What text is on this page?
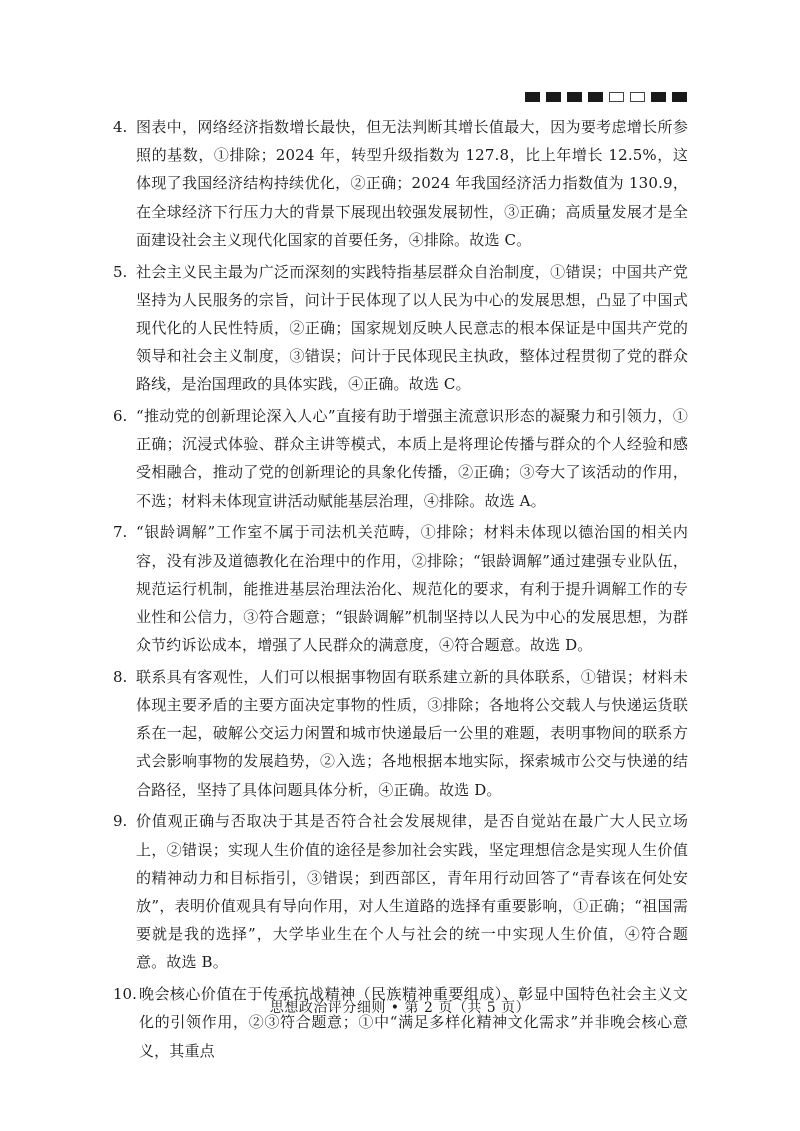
4. 图表中，网络经济指数增长最快，但无法判断其增长值最大，因为要考虑增长所参照的基数，①排除；2024 年，转型升级指数为 127.8，比上年增长 12.5%，这体现了我国经济结构持续优化，②正确；2024 年我国经济活力指数值为 130.9，在全球经济下行压力大的背景下展现出较强发展韧性，③正确；高质量发展才是全面建设社会主义现代化国家的首要任务，④排除。故选 C。
5. 社会主义民主最为广泛而深刻的实践特指基层群众自治制度，①错误；中国共产党坚持为人民服务的宗旨，问计于民体现了以人民为中心的发展思想，凸显了中国式现代化的人民性特质，②正确；国家规划反映人民意志的根本保证是中国共产党的领导和社会主义制度，③错误；问计于民体现民主执政，整体过程贯彻了党的群众路线，是治国理政的具体实践，④正确。故选 C。
6. “推动党的创新理论深入人心”直接有助于增强主流意识形态的凝聚力和引领力，①正确；沉浸式体验、群众主讲等模式，本质上是将理论传播与群众的个人经验和感受相融合，推动了党的创新理论的具象化传播，②正确；③夸大了该活动的作用，不选；材料未体现宣讲活动赋能基层治理，④排除。故选 A。
7. “银龄调解”工作室不属于司法机关范畴，①排除；材料未体现以德治国的相关内容，没有涉及道德教化在治理中的作用，②排除；“银龄调解”通过建强专业队伍，规范运行机制，能推进基层治理法治化、规范化的要求，有利于提升调解工作的专业性和公信力，③符合题意；“银龄调解”机制坚持以人民为中心的发展思想，为群众节约诉讼成本，增强了人民群众的满意度，④符合题意。故选 D。
8. 联系具有客观性，人们可以根据事物固有联系建立新的具体联系，①错误；材料未体现主要矛盾的主要方面决定事物的性质，③排除；各地将公交载人与快递运货联系在一起，破解公交运力闲置和城市快递最后一公里的难题，表明事物间的联系方式会影响事物的发展趋势，②入选；各地根据本地实际，探索城市公交与快递的结合路径，坚持了具体问题具体分析，④正确。故选 D。
9. 价值观正确与否取决于其是否符合社会发展规律，是否自觉站在最广大人民立场上，②错误；实现人生价值的途径是参加社会实践，坚定理想信念是实现人生价值的精神动力和目标指引，③错误；到西部区，青年用行动回答了“青春该在何处安放”，表明价值观具有导向作用，对人生道路的选择有重要影响，①正确；“祖国需要就是我的选择”，大学毕业生在个人与社会的统一中实现人生价值，④符合题意。故选 B。
10. 晚会核心价值在于传承抗战精神（民族精神重要组成）、彰显中国特色社会主义文化的引领作用，②③符合题意；①中“满足多样化精神文化需求”并非晚会核心意义，其重点
思想政治评分细则 • 第 2 页（共 5 页）
